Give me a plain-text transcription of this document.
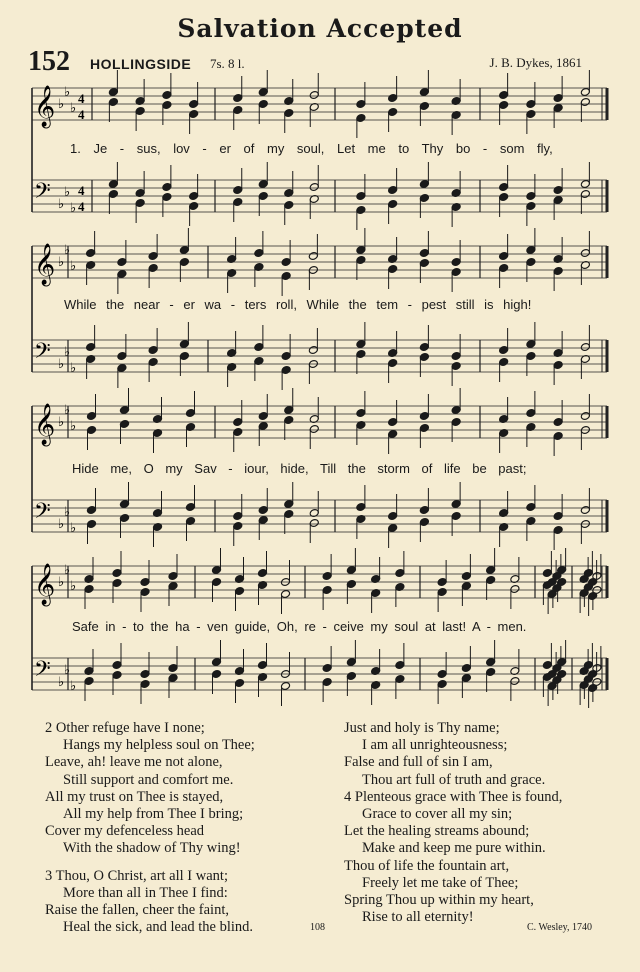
Salvation Accepted
152 HOLLINGSIDE 7s. 8 l.	J. B. Dykes, 1861
𝄞 ♭
♭
♭
4
4
𝄢 ♭
♭
♭
4
4
𝄞 ♭
♭
♭
𝄢 ♭
♭
♭
𝄞 ♭
♭
♭
𝄢 ♭
♭
♭
𝄞 ♭
♭
♭
𝄢 ♭
♭
♭
1. Je - sus, lov - er of my soul, Let me to Thy bo - som fly,
While the near - er wa - ters roll, While the tem - pest still is high!
Hide me, O my Sav - iour, hide, Till the storm of life be past;
Safe in - to the ha - ven guide, Oh, re - ceive my soul at last! A - men.
2 Other refuge have I none;
Hangs my helpless soul on Thee;
Leave, ah! leave me not alone,
Still support and comfort me.
All my trust on Thee is stayed,
All my help from Thee I bring;
Cover my defenceless head
With the shadow of Thy wing!
3 Thou, O Christ, art all I want;
More than all in Thee I find:
Raise the fallen, cheer the faint,
Heal the sick, and lead the blind.
Just and holy is Thy name;
I am all unrighteousness;
False and full of sin I am,
Thou art full of truth and grace.
4 Plenteous grace with Thee is found,
Grace to cover all my sin;
Let the healing streams abound;
Make and keep me pure within.
Thou of life the fountain art,
Freely let me take of Thee;
Spring Thou up within my heart,
Rise to all eternity!
108	C. Wesley, 1740
